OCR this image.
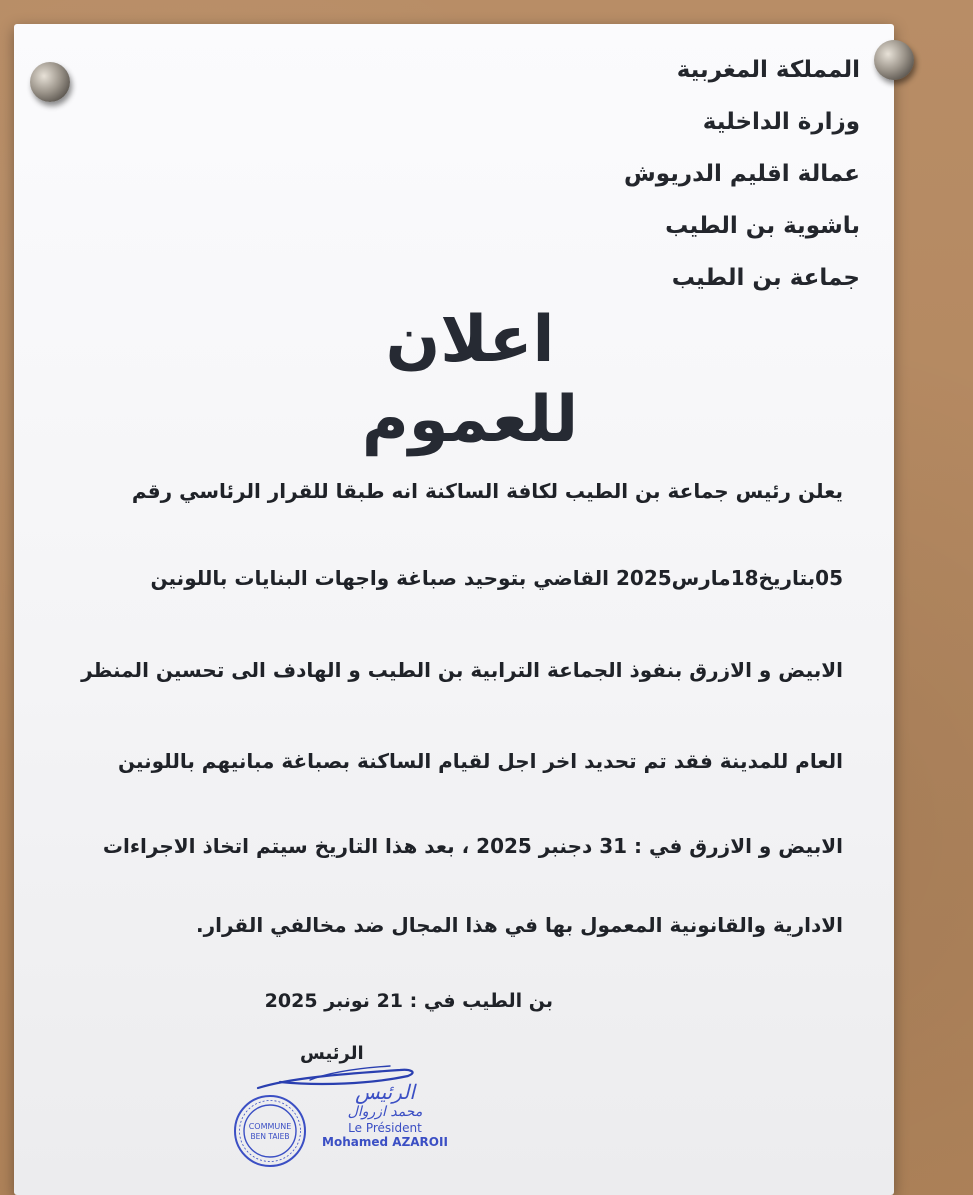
المملكة المغربية
وزارة الداخلية
عمالة اقليم الدريوش
باشوية بن الطيب
جماعة بن الطيب
اعلان للعموم
يعلن رئيس جماعة بن الطيب لكافة الساكنة انه طبقا للقرار الرئاسي رقم
05بتاريخ18مارس2025 القاضي بتوحيد صباغة واجهات البنايات باللونين
الابيض و الازرق بنفوذ الجماعة الترابية بن الطيب و الهادف الى تحسين المنظر
العام للمدينة فقد تم تحديد اخر اجل لقيام الساكنة بصباغة مبانيهم باللونين
الابيض و الازرق في : 31 دجنبر 2025 ، بعد هذا التاريخ سيتم اتخاذ الاجراءات
الادارية والقانونية المعمول بها في هذا المجال ضد مخالفي القرار.
بن الطيب في : 21 نونبر 2025
الرئيس
COMMUNE
BEN TAIEB
الرئيس
محمد ازروال
Le Président
Mohamed AZAROII
